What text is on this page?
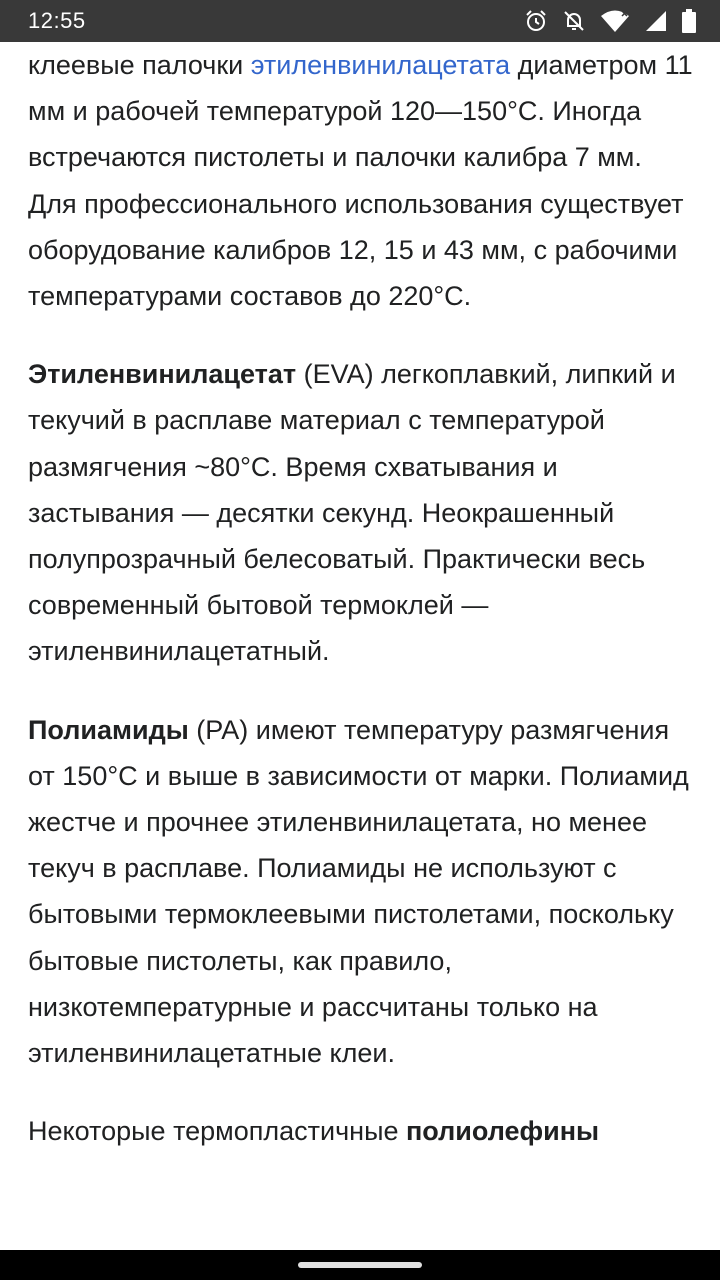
12:55

клеевые палочки этиленвинилацетата диаметром 11 мм и рабочей температурой 120—150°C. Иногда встречаются пистолеты и палочки калибра 7 мм. Для профессионального использования существует оборудование калибров 12, 15 и 43 мм, с рабочими температурами составов до 220°C.

Этиленвинилацетат (EVA) легкоплавкий, липкий и текучий в расплаве материал с температурой размягчения ~80°C. Время схватывания и застывания — десятки секунд. Неокрашенный полупрозрачный белесоватый. Практически весь современный бытовой термоклей — этиленвинилацетатный.

Полиамиды (PA) имеют температуру размягчения от 150°C и выше в зависимости от марки. Полиамид жестче и прочнее этиленвинилацетата, но менее текуч в расплаве. Полиамиды не используют с бытовыми термоклеевыми пистолетами, поскольку бытовые пистолеты, как правило, низкотемпературные и рассчитаны только на этиленвинилацетатные клеи.

Некоторые термопластичные полиолефины
